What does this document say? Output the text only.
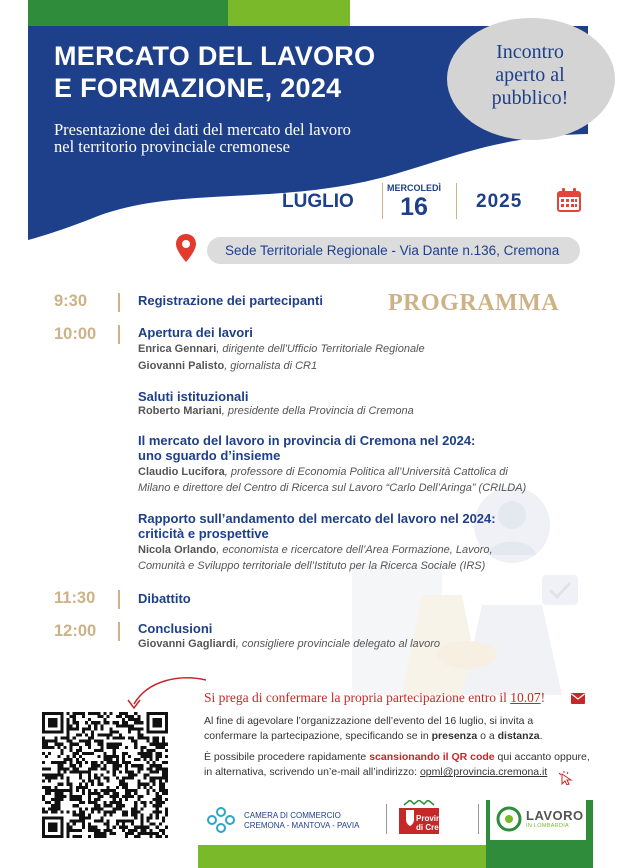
MERCATO DEL LAVORO
E FORMAZIONE, 2024
Presentazione dei dati del mercato del lavoro
nel territorio provinciale cremonese
Incontro
aperto al
pubblico!
LUGLIO
MERCOLEDÌ
16	2025
Sede Territoriale Regionale - Via Dante n.136, Cremona
PROGRAMMA
9:30	Registrazione dei partecipanti
10:00	Apertura dei lavori
Enrica Gennari, dirigente dell'Ufficio Territoriale Regionale
Giovanni Palisto, giornalista di CR1
Saluti istituzionali
Roberto Mariani, presidente della Provincia di Cremona
Il mercato del lavoro in provincia di Cremona nel 2024:
uno sguardo d’insieme
Claudio Lucifora, professore di Economia Politica all’Università Cattolica di
Milano e direttore del Centro di Ricerca sul Lavoro “Carlo Dell’Aringa” (CRILDA)
Rapporto sull’andamento del mercato del lavoro nel 2024:
criticità e prospettive
Nicola Orlando, economista e ricercatore dell’Area Formazione, Lavoro,
Comunità e Sviluppo territoriale dell’Istituto per la Ricerca Sociale (IRS)
11:30	Dibattito
12:00	Conclusioni
Giovanni Gagliardi, consigliere provinciale delegato al lavoro
Si prega di confermare la propria partecipazione entro il 10.07!
Al fine di agevolare l’organizzazione dell’evento del 16 luglio, si invita a confermare la partecipazione, specificando se in presenza o a distanza.
È possibile procedere rapidamente scansionando il QR code qui accanto oppure, in alternativa, scrivendo un’e-mail all’indirizzo: opml@provincia.cremona.it
CAMERA DI COMMERCIO
CREMONA - MANTOVA - PAVIA
Provincia
di Cremona
LAVORO
IN LOMBARDIA
